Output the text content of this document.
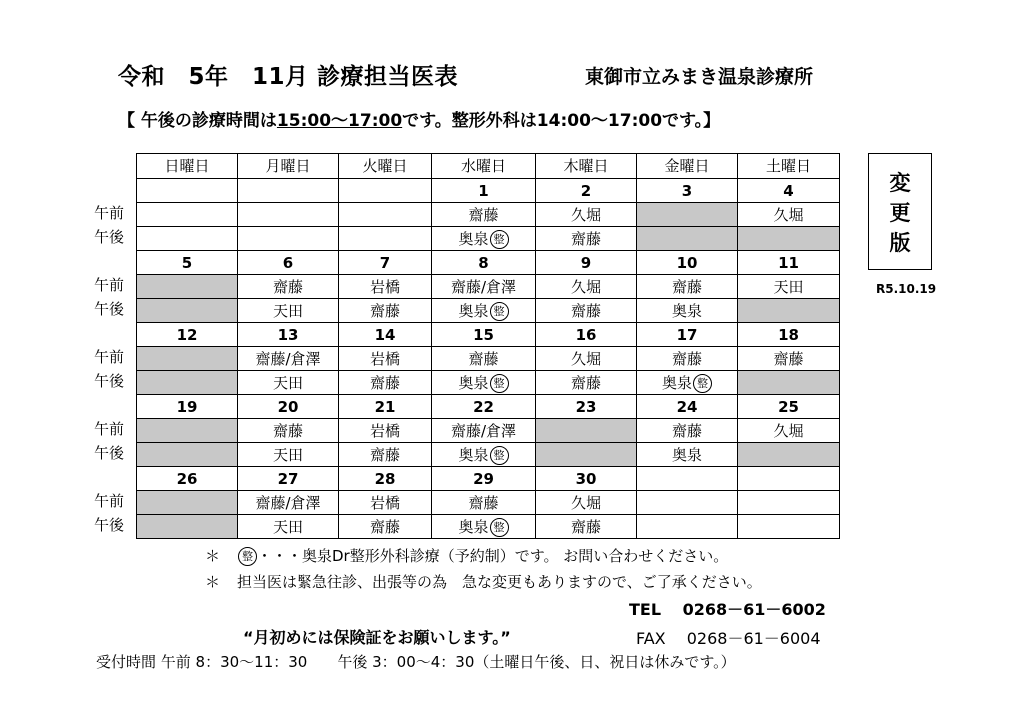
令和　5年　11月 診療担当医表	東御市立みまき温泉診療所
【 午後の診療時間は15:00～17:00です。整形外科は14:00～17:00です。】
日曜日	月曜日	火曜日	水曜日	木曜日	金曜日	土曜日
			1	2	3	4
			齋藤	久堀		久堀
			奥泉 整	齋藤		
5	6	7	8	9	10	11
	齋藤	岩橋	齋藤/倉澤	久堀	齋藤	天田
	天田	齋藤	奥泉 整	齋藤	奥泉	
12	13	14	15	16	17	18
	齋藤/倉澤	岩橋	齋藤	久堀	齋藤	齋藤
	天田	齋藤	奥泉 整	齋藤	奥泉 整	
19	20	21	22	23	24	25
	齋藤	岩橋	齋藤/倉澤		齋藤	久堀
	天田	齋藤	奥泉 整		奥泉	
26	27	28	29	30		
	齋藤/倉澤	岩橋	齋藤	久堀		
	天田	齋藤	奥泉 整	齋藤		
午前
午後
午前
午後
午前
午後
午前
午後
午前
午後
変
更
版
R5.10.19
＊ 整 ・・・奥泉Dr整形外科診療（予約制）です。 お問い合わせください。
＊ 担当医は緊急往診、出張等の為　急な変更もありますので、ご了承ください。
TEL　 0268－61－6002
“月初めには保険証をお願いします。”	FAX　 0268－61－6004
受付時間 午前 8：30～11：30　　午後 3：00～4：30（土曜日午後、日、祝日は休みです。）
